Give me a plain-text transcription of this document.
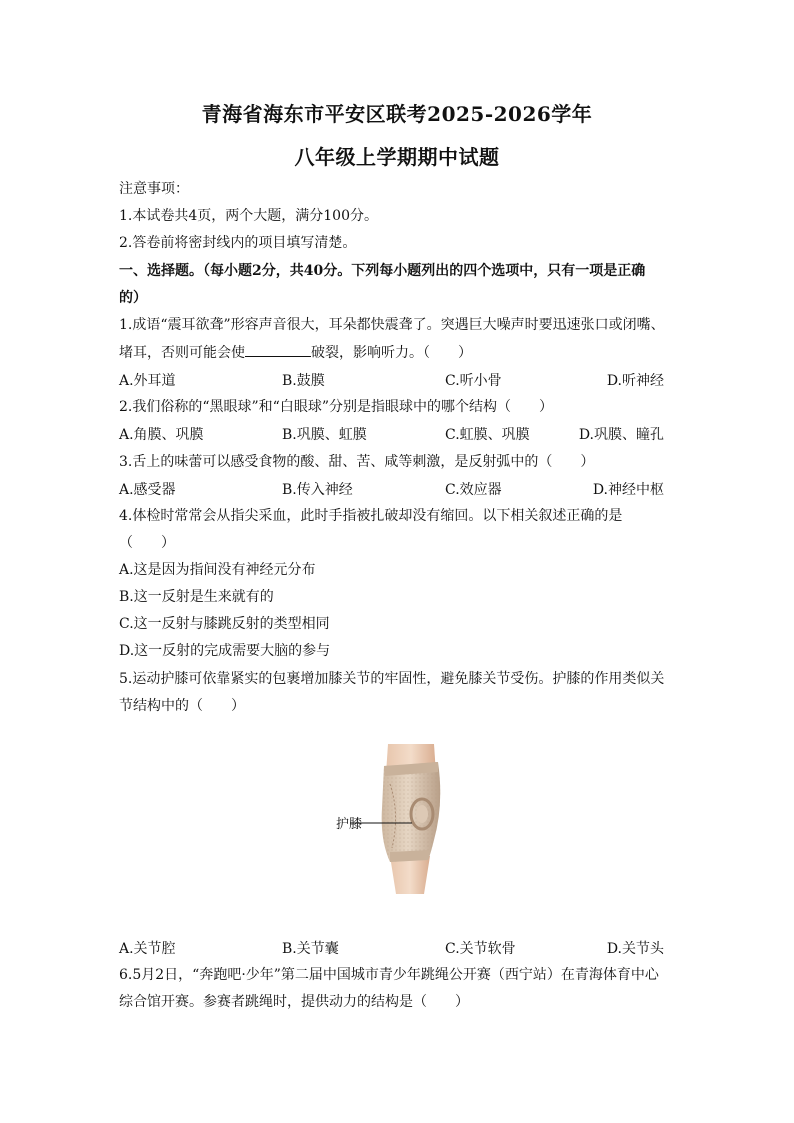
青海省海东市平安区联考2025-2026学年
八年级上学期期中试题
注意事项：
1.本试卷共4页，两个大题，满分100分。
2.答卷前将密封线内的项目填写清楚。
一、选择题。（每小题2分，共40分。下列每小题列出的四个选项中，只有一项是正确
的）
1.成语“震耳欲聋”形容声音很大，耳朵都快震聋了。突遇巨大噪声时要迅速张口或闭嘴、
堵耳，否则可能会使	破裂，影响听力。（　　）
A.外耳道	B.鼓膜	C.听小骨	D.听神经
2.我们俗称的“黑眼球”和“白眼球”分别是指眼球中的哪个结构（　　）
A.角膜、巩膜	B.巩膜、虹膜	C.虹膜、巩膜	D.巩膜、瞳孔
3.舌上的味蕾可以感受食物的酸、甜、苦、咸等刺激，是反射弧中的（　　）
A.感受器	B.传入神经	C.效应器	D.神经中枢
4.体检时常常会从指尖采血，此时手指被扎破却没有缩回。以下相关叙述正确的是
（　　）
A.这是因为指间没有神经元分布
B.这一反射是生来就有的
C.这一反射与膝跳反射的类型相同
D.这一反射的完成需要大脑的参与
5.运动护膝可依靠紧实的包裹增加膝关节的牢固性，避免膝关节受伤。护膝的作用类似关
节结构中的（　　）
护膝
A.关节腔	B.关节囊	C.关节软骨	D.关节头
6.5月2日，“奔跑吧·少年”第二届中国城市青少年跳绳公开赛（西宁站）在青海体育中心
综合馆开赛。参赛者跳绳时，提供动力的结构是（　　）
